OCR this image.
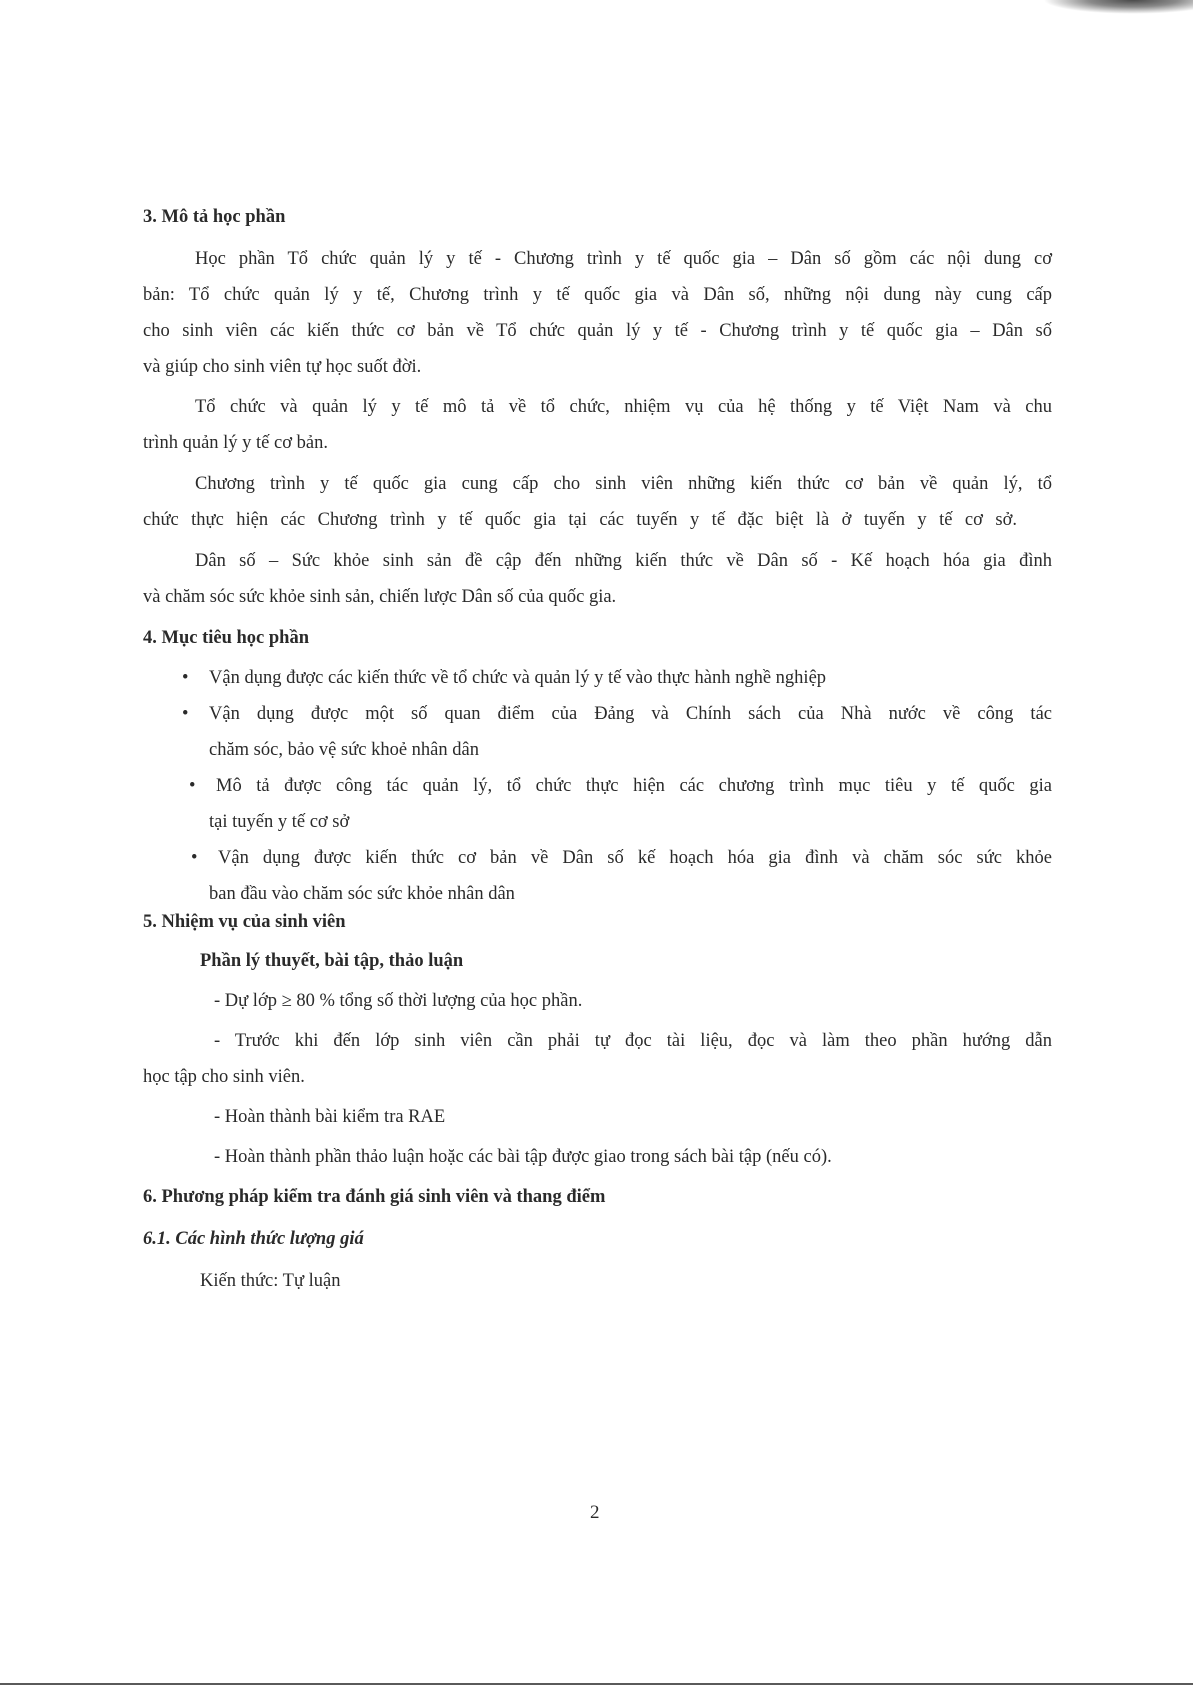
3. Mô tả học phần
Học phần Tổ chức quản lý y tế - Chương trình y tế quốc gia – Dân số gồm các nội dung cơ
bản: Tổ chức quản lý y tế, Chương trình y tế quốc gia và Dân số, những nội dung này cung cấp
cho sinh viên các kiến thức cơ bản về Tổ chức quản lý y tế - Chương trình y tế quốc gia – Dân số
và giúp cho sinh viên tự học suốt đời.
Tổ chức và quản lý y tế mô tả về tổ chức, nhiệm vụ của hệ thống y tế Việt Nam và chu
trình quản lý y tế cơ bản.
Chương trình y tế quốc gia cung cấp cho sinh viên những kiến thức cơ bản về quản lý, tổ
chức thực hiện các Chương trình y tế quốc gia tại các tuyến y tế đặc biệt là ở tuyến y tế cơ sở.
Dân số – Sức khỏe sinh sản đề cập đến những kiến thức về Dân số - Kế hoạch hóa gia đình
và chăm sóc sức khỏe sinh sản, chiến lược Dân số của quốc gia.
4. Mục tiêu học phần
• Vận dụng được các kiến thức về tổ chức và quản lý y tế vào thực hành nghề nghiệp
• Vận dụng được một số quan điểm của Đảng và Chính sách của Nhà nước về công tác
chăm sóc, bảo vệ sức khoẻ nhân dân
• Mô tả được công tác quản lý, tổ chức thực hiện các chương trình mục tiêu y tế quốc gia
tại tuyến y tế cơ sở
• Vận dụng được kiến thức cơ bản về Dân số kế hoạch hóa gia đình và chăm sóc sức khỏe
ban đầu vào chăm sóc sức khỏe nhân dân
5. Nhiệm vụ của sinh viên
Phần lý thuyết, bài tập, thảo luận
- Dự lớp ≥ 80 % tổng số thời lượng của học phần.
- Trước khi đến lớp sinh viên cần phải tự đọc tài liệu, đọc và làm theo phần hướng dẫn
học tập cho sinh viên.
- Hoàn thành bài kiểm tra RAE
- Hoàn thành phần thảo luận hoặc các bài tập được giao trong sách bài tập (nếu có).
6. Phương pháp kiểm tra đánh giá sinh viên và thang điểm
6.1. Các hình thức lượng giá
Kiến thức: Tự luận
2
